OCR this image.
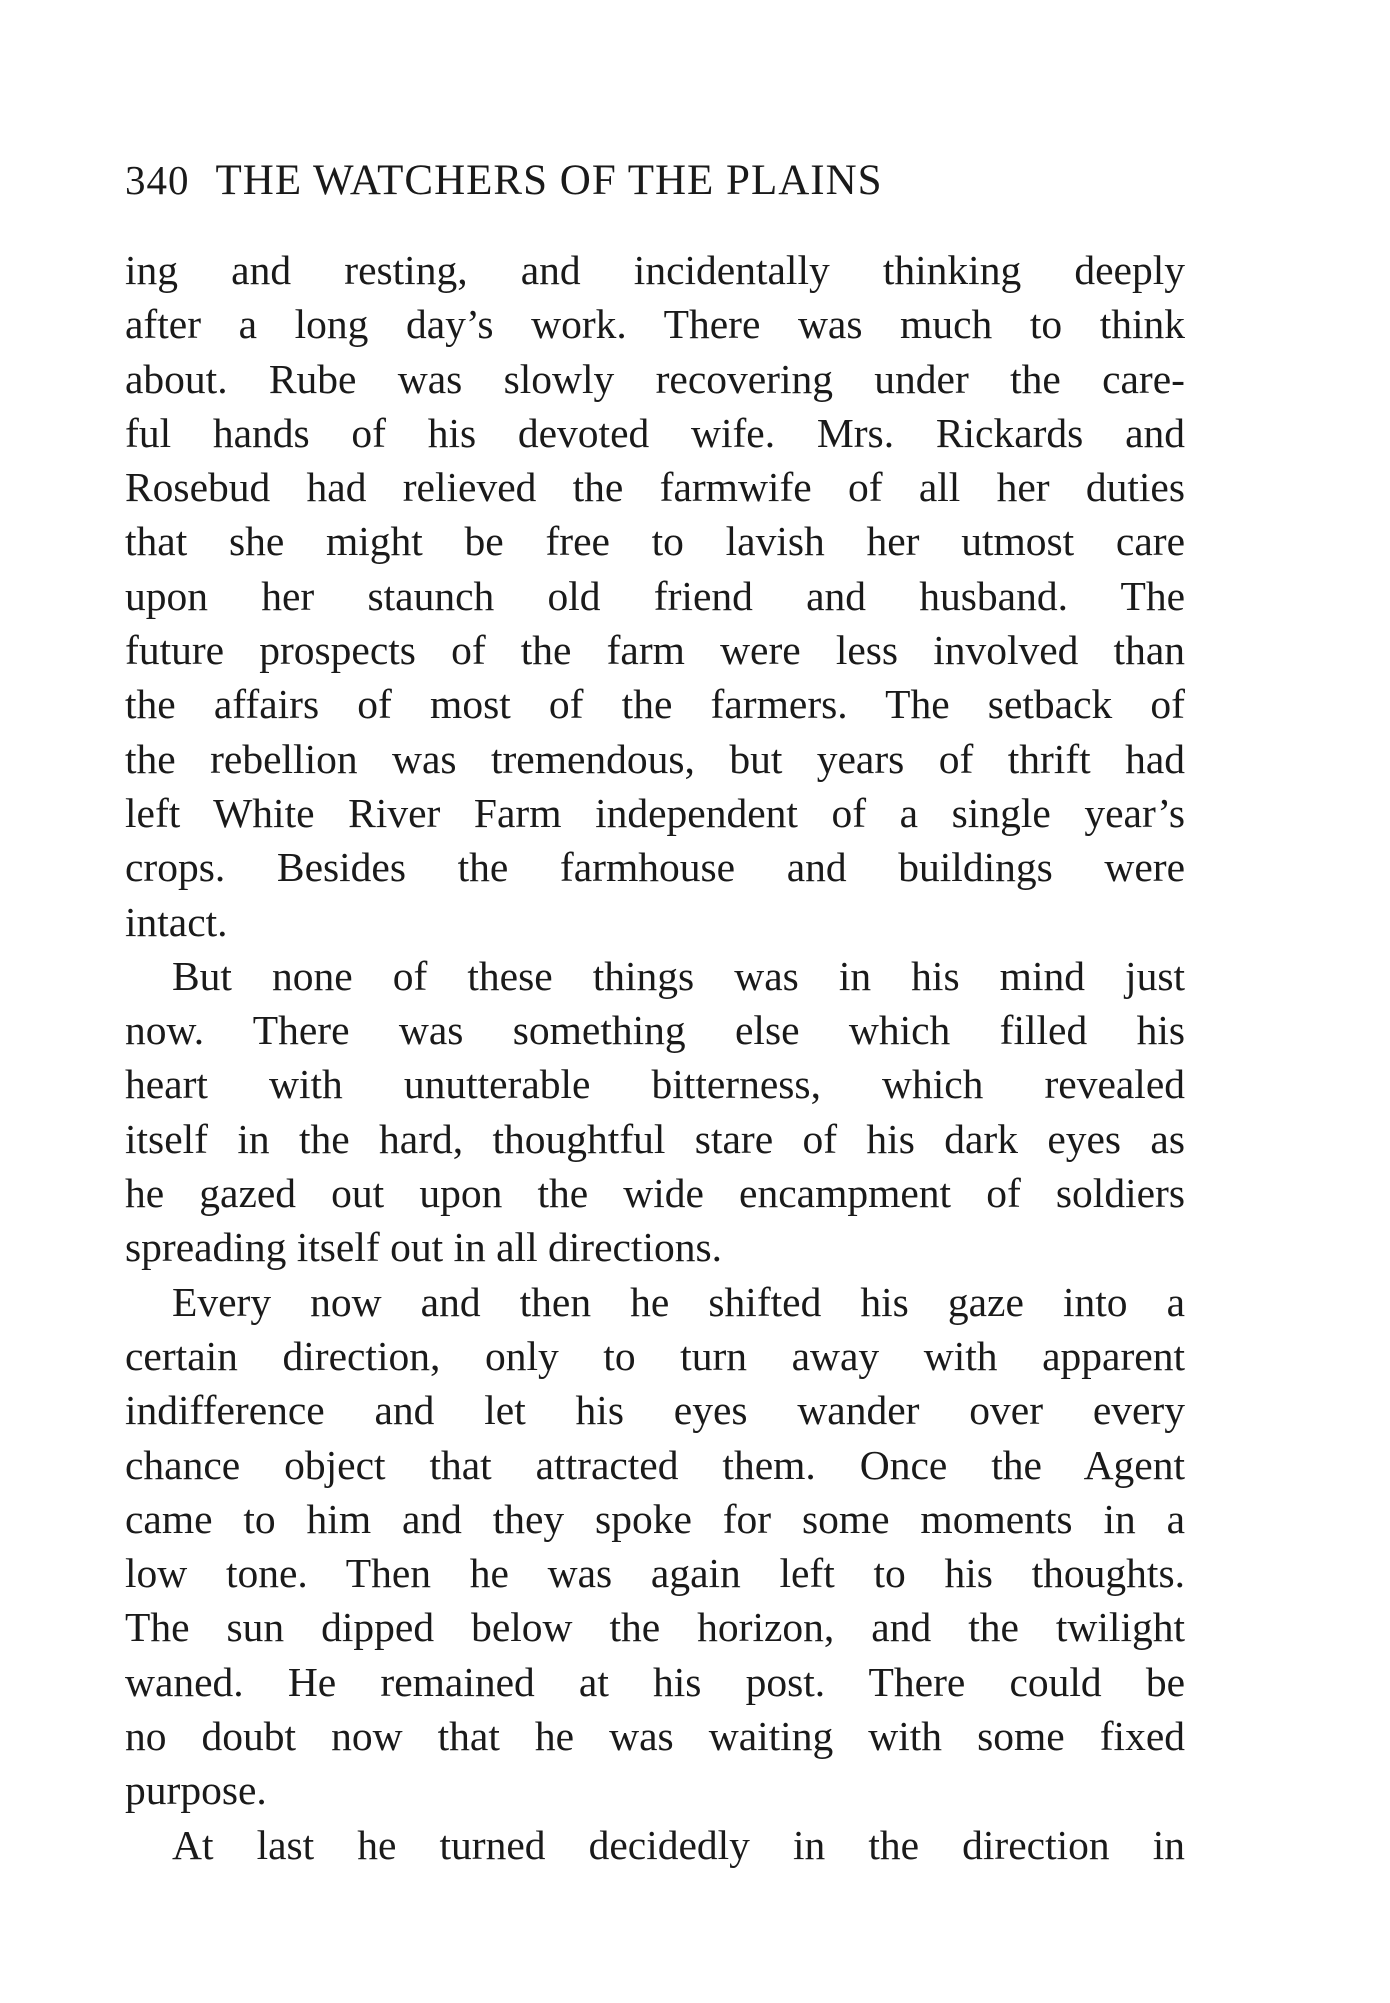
340 THE WATCHERS OF THE PLAINS
ing and resting, and incidentally thinking deeply
after a long day’s work. There was much to think
about. Rube was slowly recovering under the care-
ful hands of his devoted wife. Mrs. Rickards and
Rosebud had relieved the farmwife of all her duties
that she might be free to lavish her utmost care
upon her staunch old friend and husband. The
future prospects of the farm were less involved than
the affairs of most of the farmers. The setback of
the rebellion was tremendous, but years of thrift had
left White River Farm independent of a single year’s
crops. Besides the farmhouse and buildings were
intact.
But none of these things was in his mind just
now. There was something else which filled his
heart with unutterable bitterness, which revealed
itself in the hard, thoughtful stare of his dark eyes as
he gazed out upon the wide encampment of soldiers
spreading itself out in all directions.
Every now and then he shifted his gaze into a
certain direction, only to turn away with apparent
indifference and let his eyes wander over every
chance object that attracted them. Once the Agent
came to him and they spoke for some moments in a
low tone. Then he was again left to his thoughts.
The sun dipped below the horizon, and the twilight
waned. He remained at his post. There could be
no doubt now that he was waiting with some fixed
purpose.
At last he turned decidedly in the direction in
